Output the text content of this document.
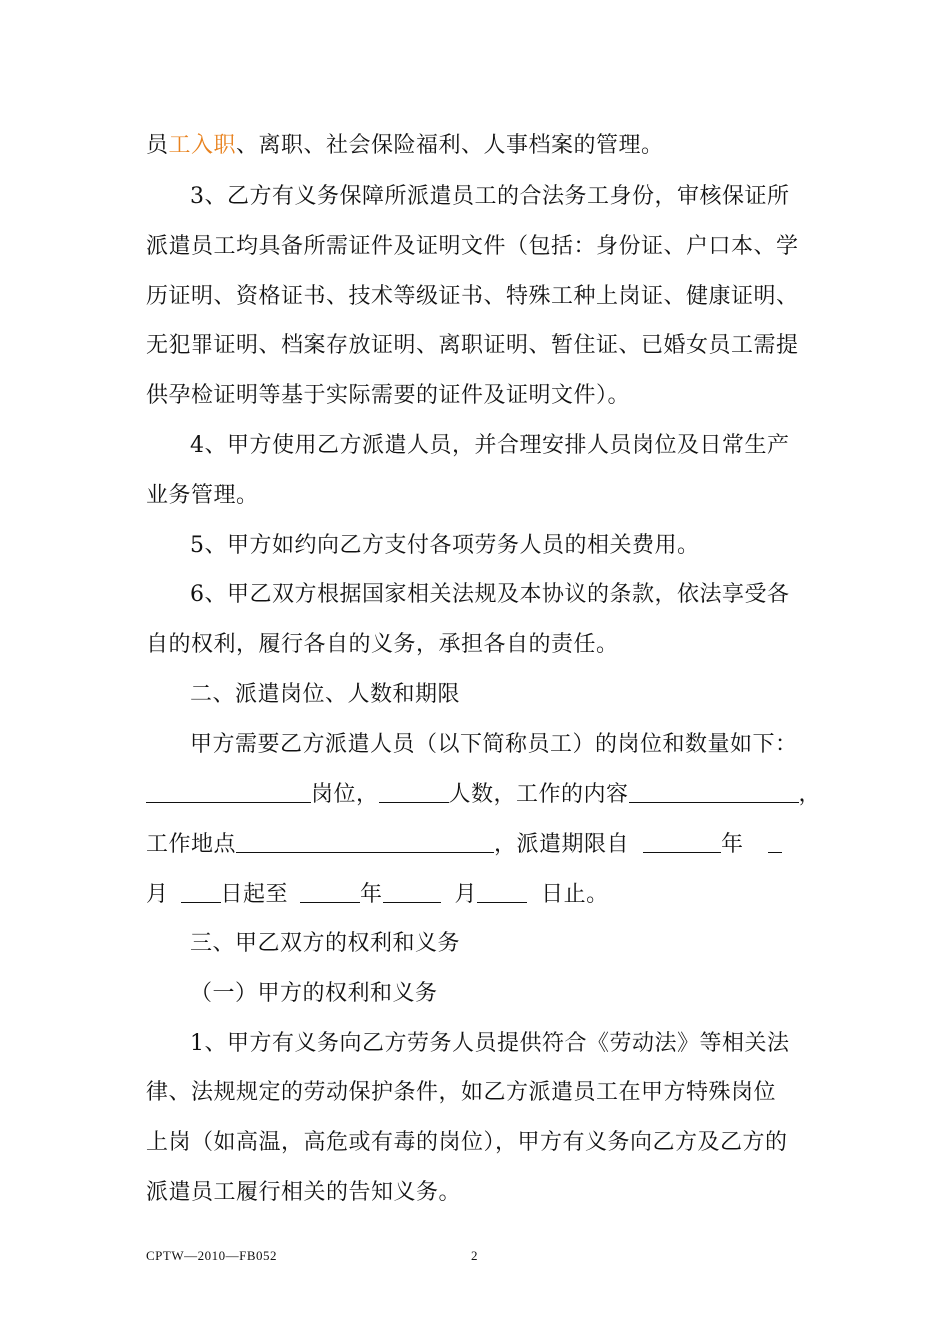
员工入职、离职、社会保险福利、人事档案的管理。
3、乙方有义务保障所派遣员工的合法务工身份，审核保证所
派遣员工均具备所需证件及证明文件（包括：身份证、户口本、学
历证明、资格证书、技术等级证书、特殊工种上岗证、健康证明、
无犯罪证明、档案存放证明、离职证明、暂住证、已婚女员工需提
供孕检证明等基于实际需要的证件及证明文件）。
4、甲方使用乙方派遣人员，并合理安排人员岗位及日常生产
业务管理。
5、甲方如约向乙方支付各项劳务人员的相关费用。
6、甲乙双方根据国家相关法规及本协议的条款，依法享受各
自的权利，履行各自的义务，承担各自的责任。
二、派遣岗位、人数和期限
甲方需要乙方派遣人员（以下简称员工）的岗位和数量如下：
岗位，	人数，工作的内容	，
工作地点	，派遣期限自	年
月 日起至	年	月	日止。
三、甲乙双方的权利和义务
（一）甲方的权利和义务
1、甲方有义务向乙方劳务人员提供符合《劳动法》等相关法
律、法规规定的劳动保护条件，如乙方派遣员工在甲方特殊岗位
上岗（如高温，高危或有毒的岗位），甲方有义务向乙方及乙方的
派遣员工履行相关的告知义务。
CPTW—2010—FB052	2
